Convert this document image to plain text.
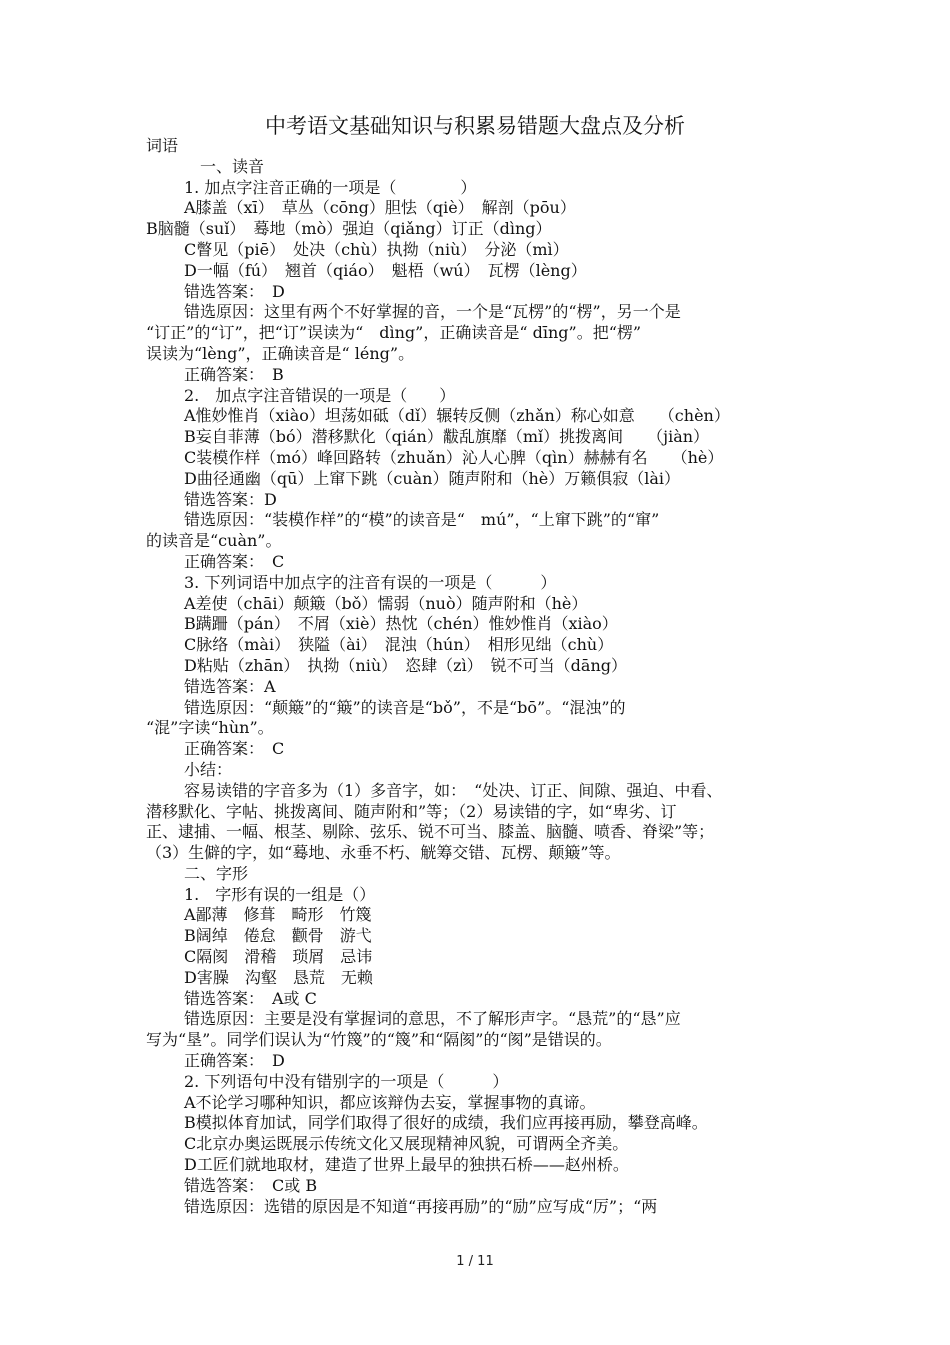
中考语文基础知识与积累易错题大盘点及分析
词语
一、读音
1. 加点字注音正确的一项是（　　　　）
A膝盖（xī）　草丛（cōng）胆怯（qiè）　解剖（pōu）
B脑髓（suǐ）　蓦地（mò）强迫（qiǎng）订正（dìng）
C瞥见（piē）　处决（chù）执拗（niù）　分泌（mì）
D一幅（fú）　翘首（qiáo）　魁梧（wú）　瓦楞（lèng）
错选答案：　D
错选原因：这里有两个不好掌握的音，一个是“瓦楞”的“楞”，另一个是
“订正”的“订”，把“订”误读为“　dìng”，正确读音是“ dīng”。把“楞”
误读为“lèng”，正确读音是“ léng”。
正确答案：　B
2.　加点字注音错误的一项是（　　）
A惟妙惟肖（xiào）坦荡如砥（dǐ）辗转反侧（zhǎn）称心如意　　（chèn）
B妄自菲薄（bó）潜移默化（qián）黻乱旗靡（mǐ）挑拨离间　　（jiàn）
C装模作样（mó）峰回路转（zhuǎn）沁人心脾（qìn）赫赫有名　　（hè）
D曲径通幽（qū）上窜下跳（cuàn）随声附和（hè）万籁俱寂（lài）
错选答案：D
错选原因：“装模作样”的“模”的读音是“　mú”，“上窜下跳”的“窜”
的读音是“cuàn”。
正确答案：　C
3. 下列词语中加点字的注音有误的一项是（　　　）
A差使（chāi）颠簸（bǒ）懦弱（nuò）随声附和（hè）
B蹒跚（pán）　不屑（xiè）热忱（chén）惟妙惟肖（xiào）
C脉络（mài）　狭隘（ài）　混浊（hún）　相形见绌（chù）
D粘贴（zhān）　执拗（niù）　恣肆（zì）　锐不可当（dāng）
错选答案：A
错选原因：“颠簸”的“簸”的读音是“bǒ”，不是“bō”。“混浊”的
“混”字读“hùn”。
正确答案：　C
小结：
容易读错的字音多为（1）多音字，如：　“处决、订正、间隙、强迫、中看、
潜移默化、字帖、挑拨离间、随声附和”等；（2）易读错的字，如“卑劣、订
正、逮捕、一幅、根茎、剔除、弦乐、锐不可当、膝盖、脑髓、喷香、脊梁”等；
（3）生僻的字，如“蓦地、永垂不朽、觥筹交错、瓦楞、颠簸”等。
二、字形
1.　字形有误的一组是（）
A鄙薄　修葺　畸形　竹篾
B阔绰　倦怠　颧骨　游弋
C隔阂　滑稽　琐屑　忌讳
D害臊　沟壑　恳荒　无赖
错选答案：　A或 C
错选原因：主要是没有掌握词的意思，不了解形声字。“恳荒”的“恳”应
写为“垦”。同学们误认为“竹篾”的“篾”和“隔阂”的“阂”是错误的。
正确答案：　D
2. 下列语句中没有错别字的一项是（　　　）
A不论学习哪种知识，都应该辩伪去妄，掌握事物的真谛。
B模拟体育加试，同学们取得了很好的成绩，我们应再接再励，攀登高峰。
C北京办奥运既展示传统文化又展现精神风貌，可谓两全齐美。
D工匠们就地取材，建造了世界上最早的独拱石桥——赵州桥。
错选答案：　C或 B
错选原因：选错的原因是不知道“再接再励”的“励”应写成“厉”；“两
1 / 11
